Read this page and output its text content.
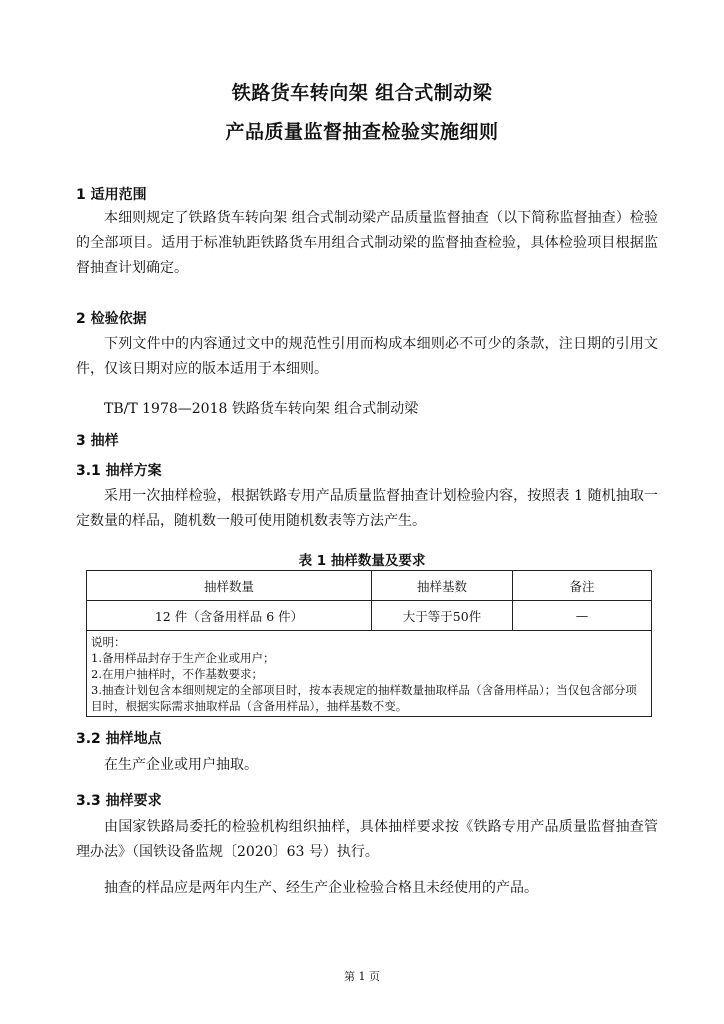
铁路货车转向架 组合式制动梁
产品质量监督抽查检验实施细则
1 适用范围
本细则规定了铁路货车转向架 组合式制动梁产品质量监督抽查（以下简称监督抽查）检验的全部项目。适用于标准轨距铁路货车用组合式制动梁的监督抽查检验，具体检验项目根据监督抽查计划确定。
2 检验依据
下列文件中的内容通过文中的规范性引用而构成本细则必不可少的条款，注日期的引用文件，仅该日期对应的版本适用于本细则。
TB/T 1978—2018 铁路货车转向架 组合式制动梁
3 抽样
3.1 抽样方案
采用一次抽样检验，根据铁路专用产品质量监督抽查计划检验内容，按照表 1 随机抽取一定数量的样品，随机数一般可使用随机数表等方法产生。
表 1 抽样数量及要求
抽样数量	抽样基数	备注
12 件（含备用样品 6 件）	大于等于50件	—

说明：
1.备用样品封存于生产企业或用户；
2.在用户抽样时，不作基数要求；
3.抽查计划包含本细则规定的全部项目时，按本表规定的抽样数量抽取样品（含备用样品）；当仅包含部分项目时，根据实际需求抽取样品（含备用样品），抽样基数不变。		
3.2 抽样地点
在生产企业或用户抽取。
3.3 抽样要求
由国家铁路局委托的检验机构组织抽样，具体抽样要求按《铁路专用产品质量监督抽查管理办法》（国铁设备监规〔2020〕63 号）执行。
抽查的样品应是两年内生产、经生产企业检验合格且未经使用的产品。
第 1 页
